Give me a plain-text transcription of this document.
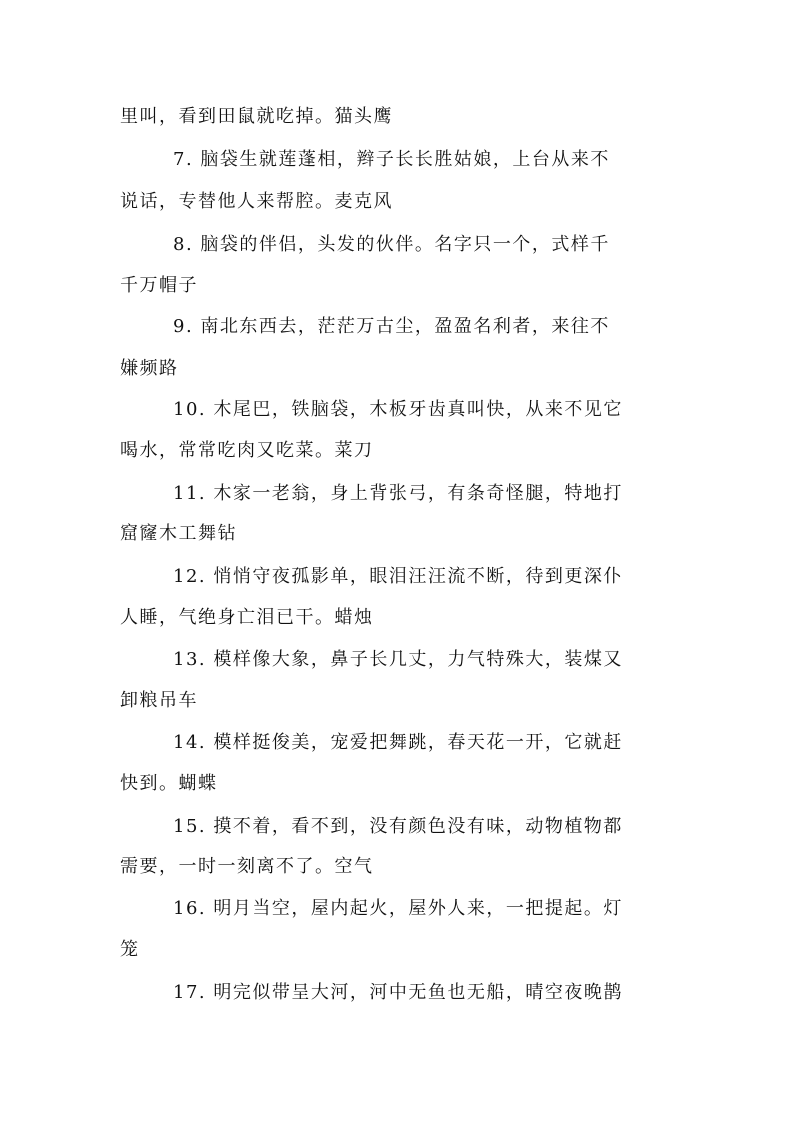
里叫，看到田鼠就吃掉。猫头鹰
7. 脑袋生就莲蓬相，辫子长长胜姑娘，上台从来不
说话，专替他人来帮腔。麦克风
8. 脑袋的伴侣，头发的伙伴。名字只一个，式样千
千万帽子
9. 南北东西去，茫茫万古尘，盈盈名利者，来往不
嫌频路
10. 木尾巴，铁脑袋，木板牙齿真叫快，从来不见它
喝水，常常吃肉又吃菜。菜刀
11. 木家一老翁，身上背张弓，有条奇怪腿，特地打
窟窿木工舞钻
12. 悄悄守夜孤影单，眼泪汪汪流不断，待到更深仆
人睡，气绝身亡泪已干。蜡烛
13. 模样像大象，鼻子长几丈，力气特殊大，装煤又
卸粮吊车
14. 模样挺俊美，宠爱把舞跳，春天花一开，它就赶
快到。蝴蝶
15. 摸不着，看不到，没有颜色没有味，动物植物都
需要，一时一刻离不了。空气
16. 明月当空，屋内起火，屋外人来，一把提起。灯
笼
17. 明完似带呈大河，河中无鱼也无船，晴空夜晚鹊
